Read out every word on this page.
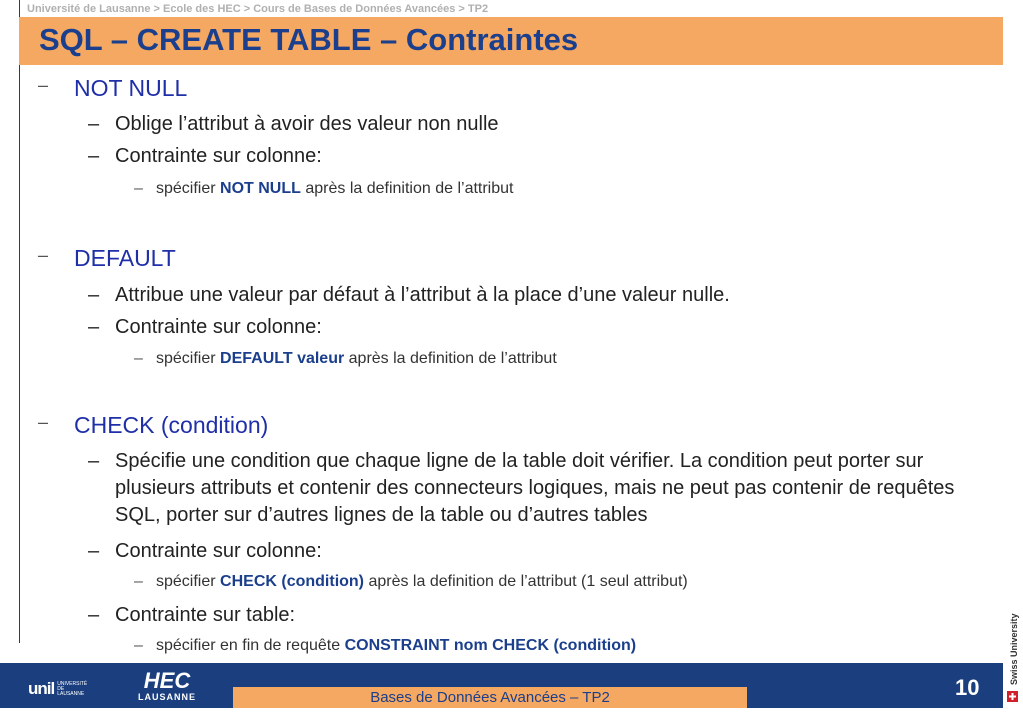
Université de Lausanne > Ecole des HEC > Cours de Bases de Données Avancées > TP2
SQL – CREATE TABLE – Contraintes
– NOT NULL
– Oblige l’attribut à avoir des valeur non nulle
– Contrainte sur colonne:
– spécifier NOT NULL après la definition de l’attribut
– DEFAULT
– Attribue une valeur par défaut à l’attribut à la place d’une valeur nulle.
– Contrainte sur colonne:
– spécifier DEFAULT valeur après la definition de l’attribut
– CHECK (condition)
– Spécifie une condition que chaque ligne de la table doit vérifier. La condition peut porter sur plusieurs attributs et contenir des connecteurs logiques, mais ne peut pas contenir de requêtes SQL, porter sur d’autres lignes de la table ou d’autres tables
– Contrainte sur colonne:
– spécifier CHECK (condition) après la definition de l’attribut (1 seul attribut)
– Contrainte sur table:
– spécifier en fin de requête CONSTRAINT nom CHECK (condition)	Swiss University
unil UNIVERSITÉ DE LAUSANNE
HEC
LAUSANNE	Bases de Données Avancées – TP2	10
